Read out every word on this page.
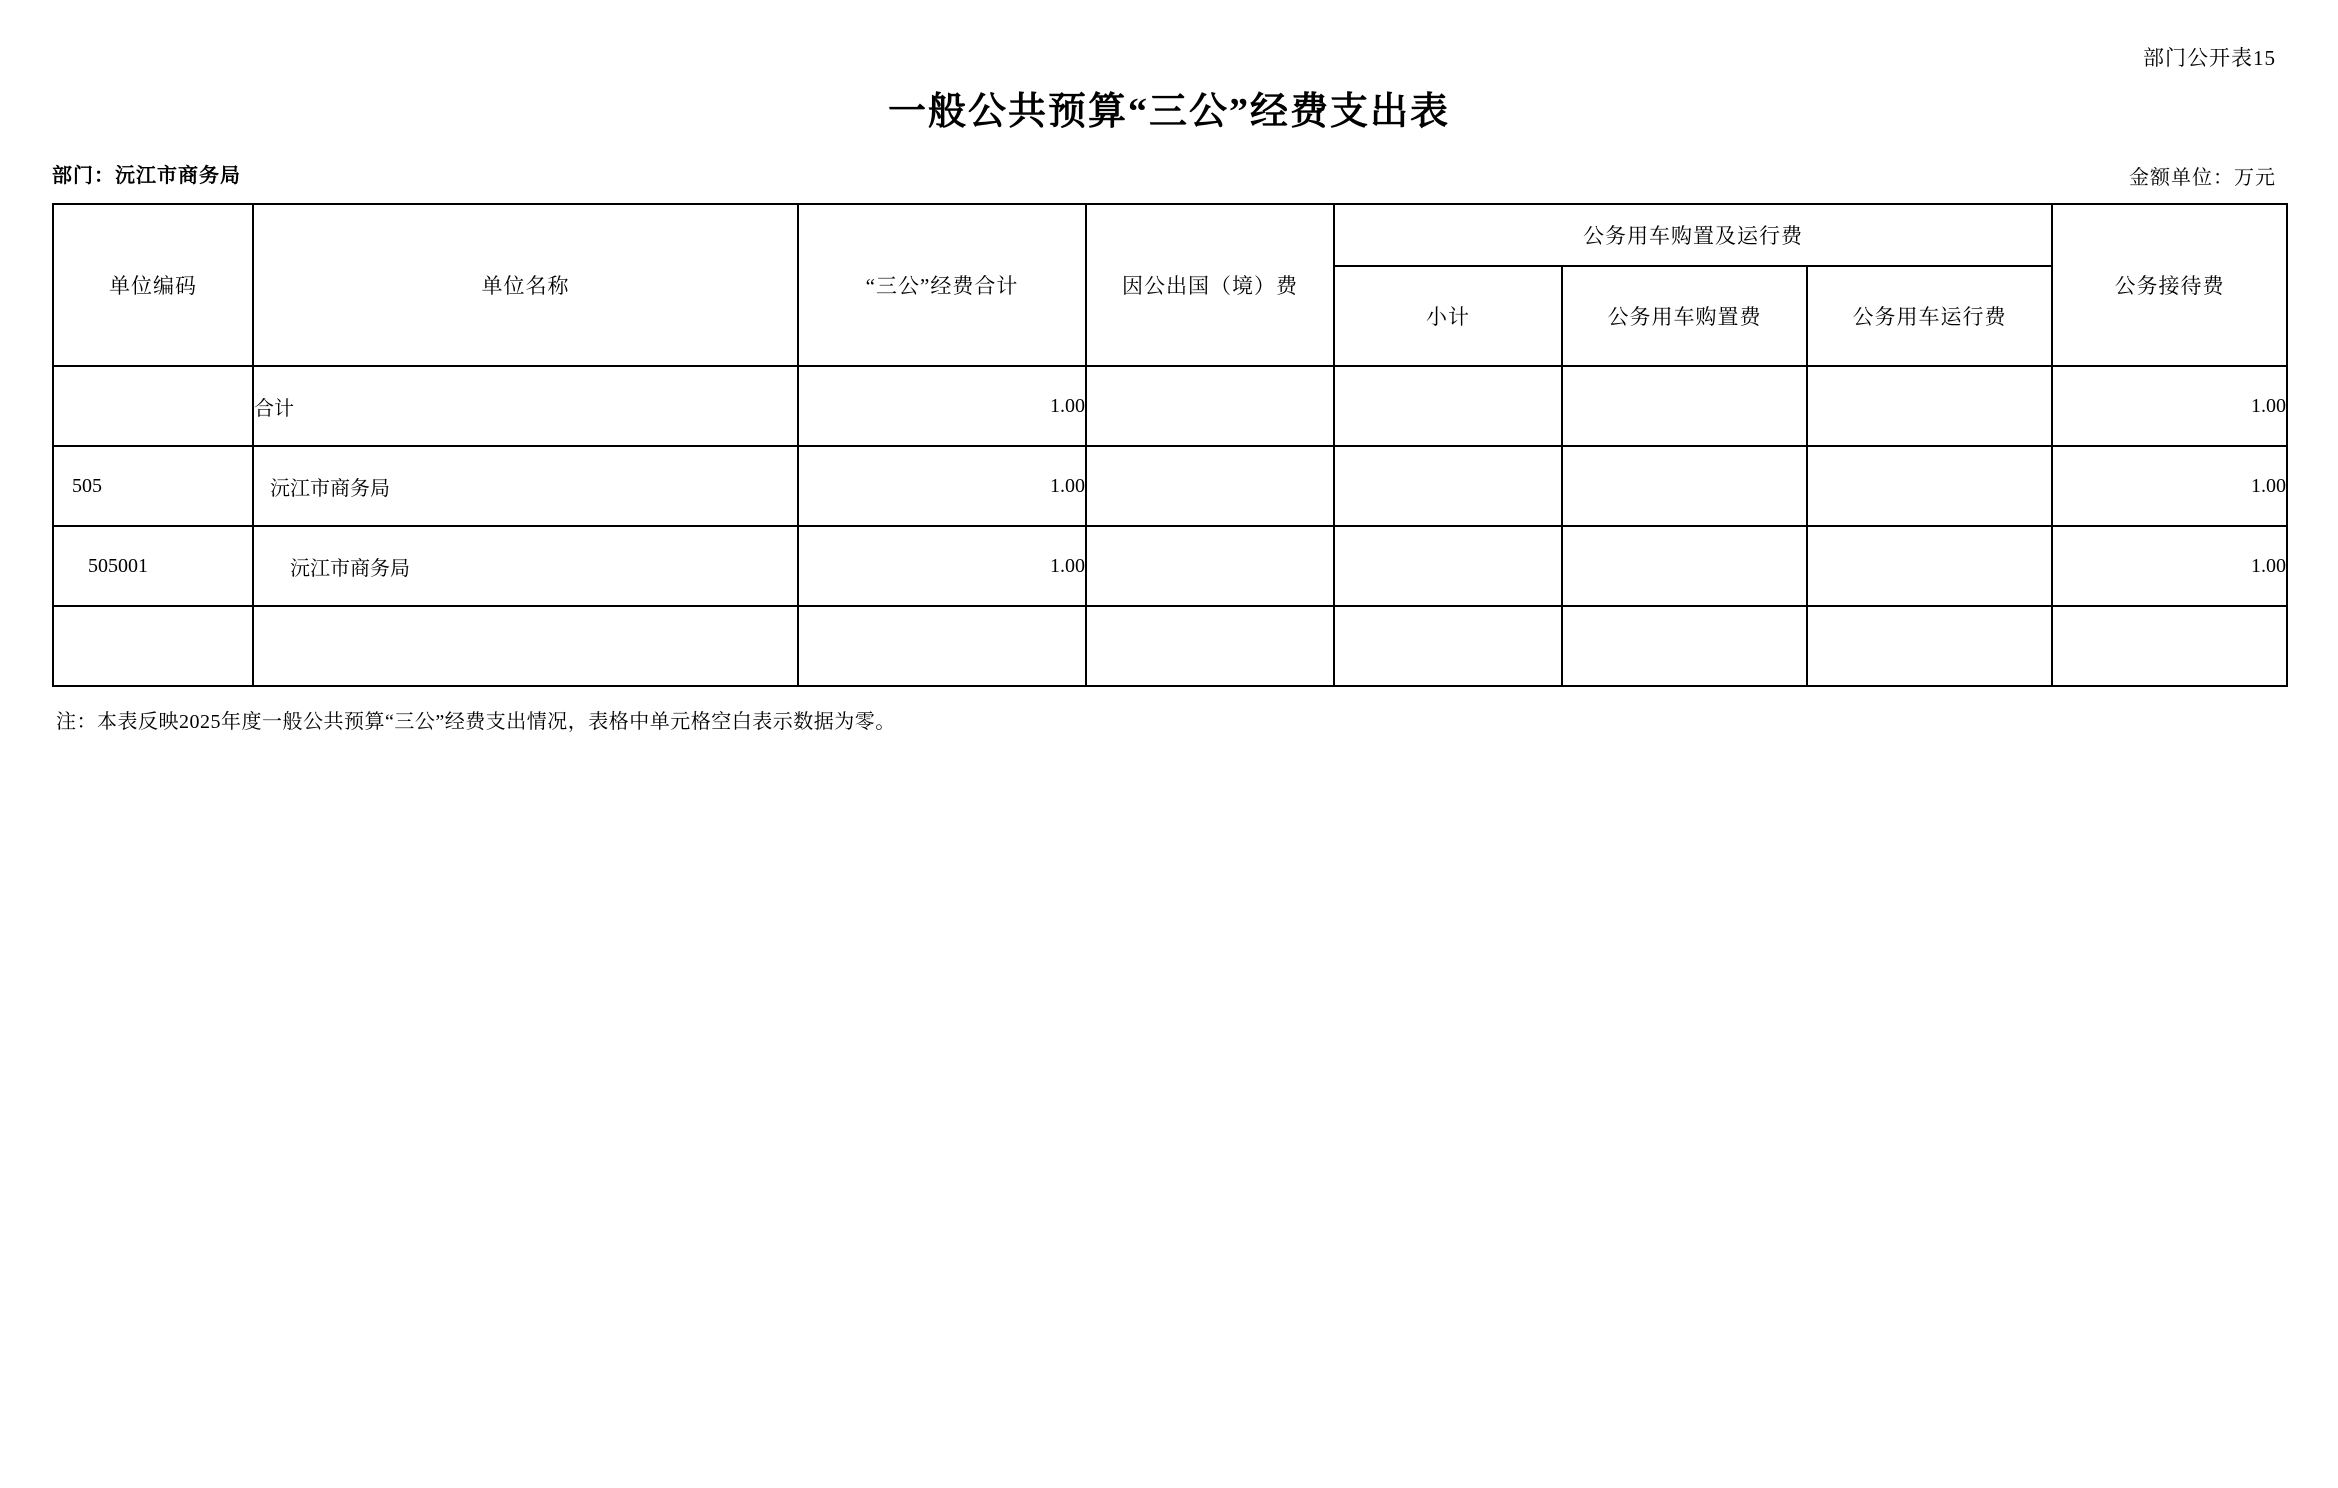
部门公开表15
一般公共预算“三公”经费支出表
部门：沅江市商务局	金额单位：万元
单位编码	单位名称	“三公”经费合计	因公出国（境）费	公务用车购置及运行费			公务接待费
				小计	公务用车购置费	公务用车运行费	
	合计	1.00					1.00
505	沅江市商务局	1.00					1.00
505001	沅江市商务局	1.00					1.00

注：本表反映2025年度一般公共预算“三公”经费支出情况，表格中单元格空白表示数据为零。
